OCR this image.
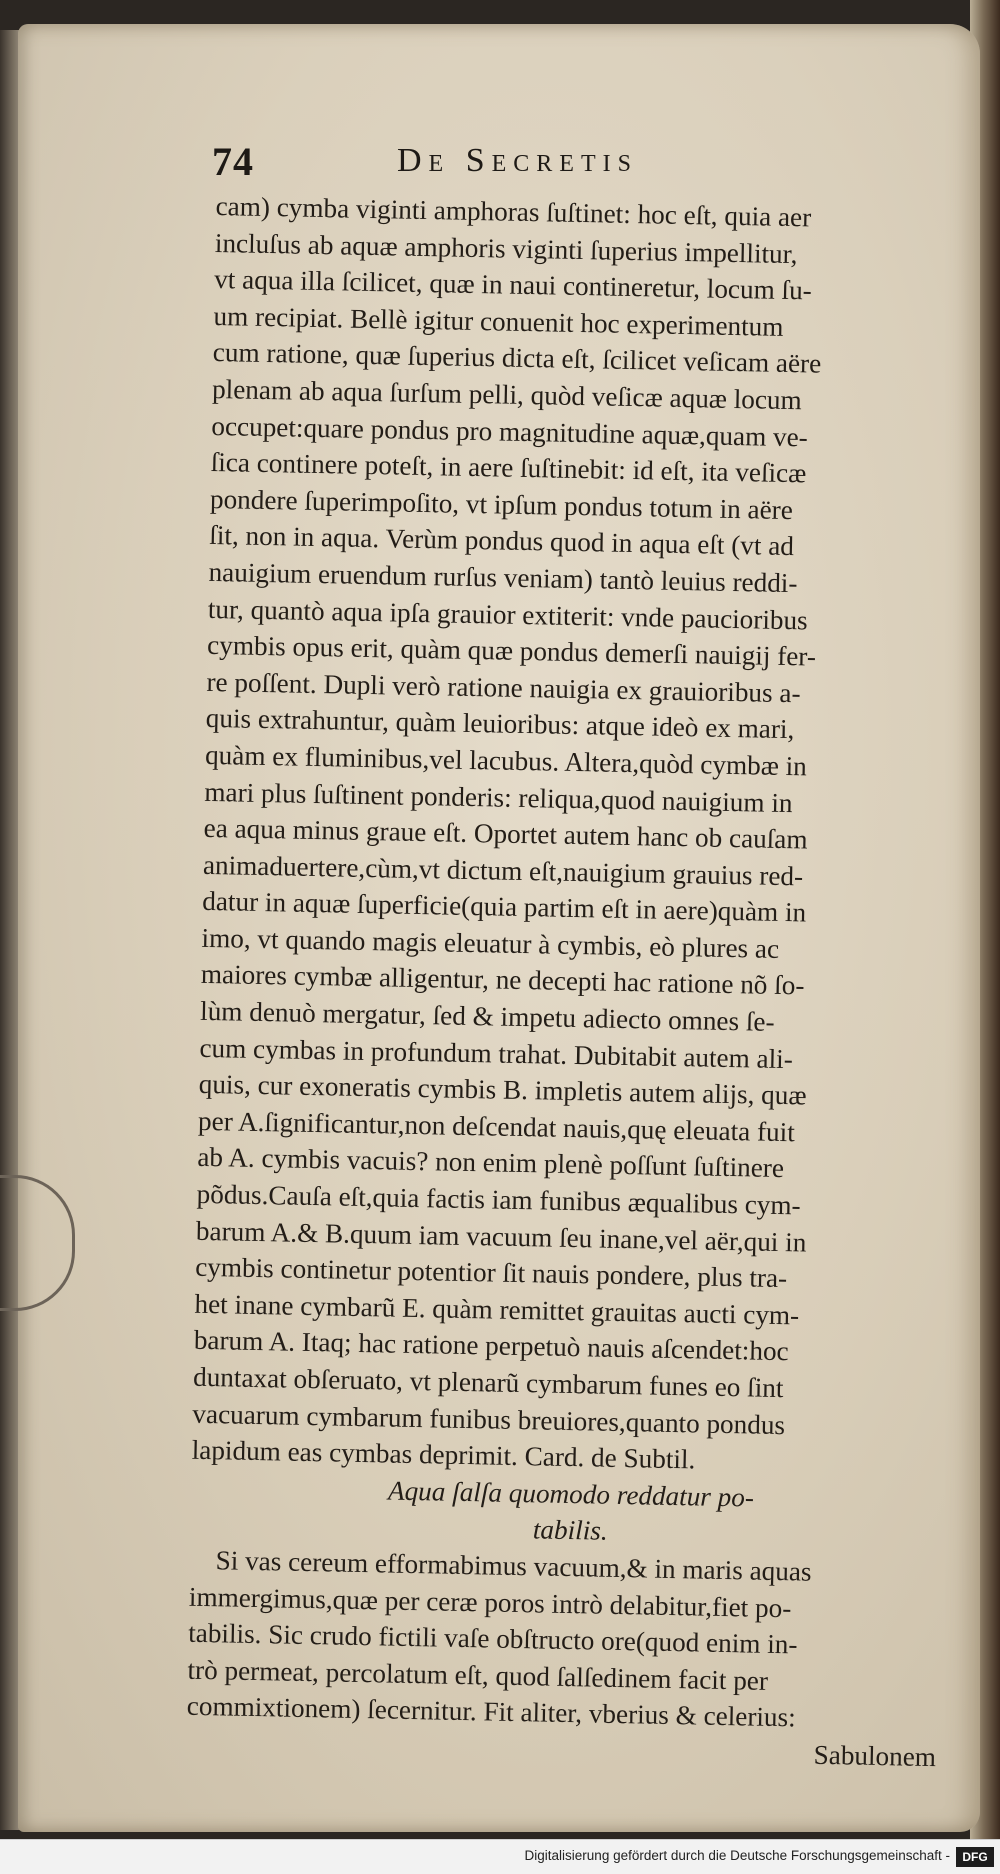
74	De Secretis
cam) cymba viginti amphoras ſuſtinet: hoc eſt, quia aer
incluſus ab aquæ amphoris viginti ſuperius impellitur,
vt aqua illa ſcilicet, quæ in naui contineretur, locum ſu-
um recipiat. Bellè igitur conuenit hoc experimentum
cum ratione, quæ ſuperius dicta eſt, ſcilicet veſicam aëre
plenam ab aqua ſurſum pelli, quòd veſicæ aquæ locum
occupet:quare pondus pro magnitudine aquæ,quam ve-
ſica continere poteſt, in aere ſuſtinebit: id eſt, ita veſicæ
pondere ſuperimpoſito, vt ipſum pondus totum in aëre
ſit, non in aqua. Verùm pondus quod in aqua eſt (vt ad
nauigium eruendum rurſus veniam) tantò leuius reddi-
tur, quantò aqua ipſa grauior extiterit: vnde paucioribus
cymbis opus erit, quàm quæ pondus demerſi nauigij fer-
re poſſent. Dupli verò ratione nauigia ex grauioribus a-
quis extrahuntur, quàm leuioribus: atque ideò ex mari,
quàm ex fluminibus,vel lacubus. Altera,quòd cymbæ in
mari plus ſuſtinent ponderis: reliqua,quod nauigium in
ea aqua minus graue eſt. Oportet autem hanc ob cauſam
animaduertere,cùm,vt dictum eſt,nauigium grauius red-
datur in aquæ ſuperficie(quia partim eſt in aere)quàm in
imo, vt quando magis eleuatur à cymbis, eò plures ac
maiores cymbæ alligentur, ne decepti hac ratione nõ ſo-
lùm denuò mergatur, ſed & impetu adiecto omnes ſe-
cum cymbas in profundum trahat. Dubitabit autem ali-
quis, cur exoneratis cymbis B. impletis autem alijs, quæ
per A.ſignificantur,non deſcendat nauis,quę eleuata fuit
ab A. cymbis vacuis? non enim plenè poſſunt ſuſtinere
põdus.Cauſa eſt,quia factis iam funibus æqualibus cym-
barum A.& B.quum iam vacuum ſeu inane,vel aër,qui in
cymbis continetur potentior ſit nauis pondere, plus tra-
het inane cymbarũ E. quàm remittet grauitas aucti cym-
barum A. Itaq; hac ratione perpetuò nauis aſcendet:hoc
duntaxat obſeruato, vt plenarũ cymbarum funes eo ſint
vacuarum cymbarum funibus breuiores,quanto pondus
lapidum eas cymbas deprimit. Card. de Subtil.
Aqua ſalſa quomodo reddatur po-
tabilis.
Si vas cereum efformabimus vacuum,& in maris aquas
immergimus,quæ per ceræ poros intrò delabitur,fiet po-
tabilis. Sic crudo fictili vaſe obſtructo ore(quod enim in-
trò permeat, percolatum eſt, quod ſalſedinem facit per
commixtionem) ſecernitur. Fit aliter, vberius & celerius:
Sabulonem
Digitalisierung gefördert durch die Deutsche Forschungsgemeinschaft -	DFG
